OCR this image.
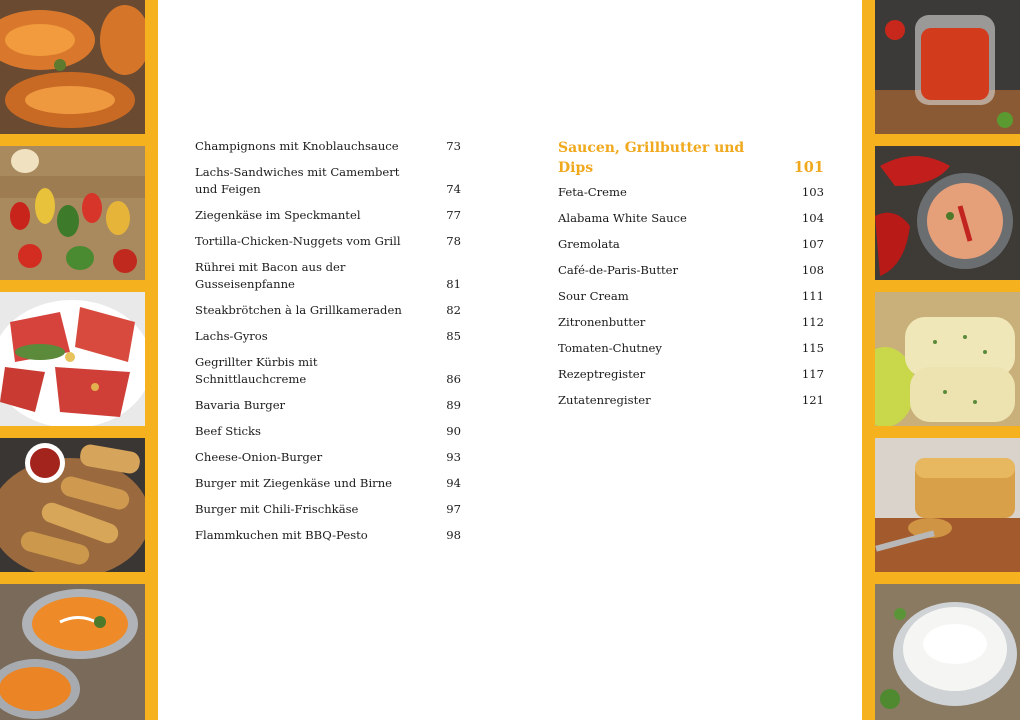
Champignons mit Knoblauchsauce	73
Lachs-Sandwiches mit Camembert und Feigen	74
Ziegenkäse im Speckmantel	77
Tortilla-Chicken-Nuggets vom Grill	78
Rührei mit Bacon aus der Gusseisenpfanne	81
Steakbrötchen à la Grillkameraden	82
Lachs-Gyros	85
Gegrillter Kürbis mit Schnittlauchcreme	86
Bavaria Burger	89
Beef Sticks	90
Cheese-Onion-Burger	93
Burger mit Ziegenkäse und Birne	94
Burger mit Chili-Frischkäse	97
Flammkuchen mit BBQ-Pesto	98
Saucen, Grillbutter und Dips	101
Feta-Creme	103
Alabama White Sauce	104
Gremolata	107
Café-de-Paris-Butter	108
Sour Cream	111
Zitronenbutter	112
Tomaten-Chutney	115
Rezeptregister	117
Zutatenregister	121
